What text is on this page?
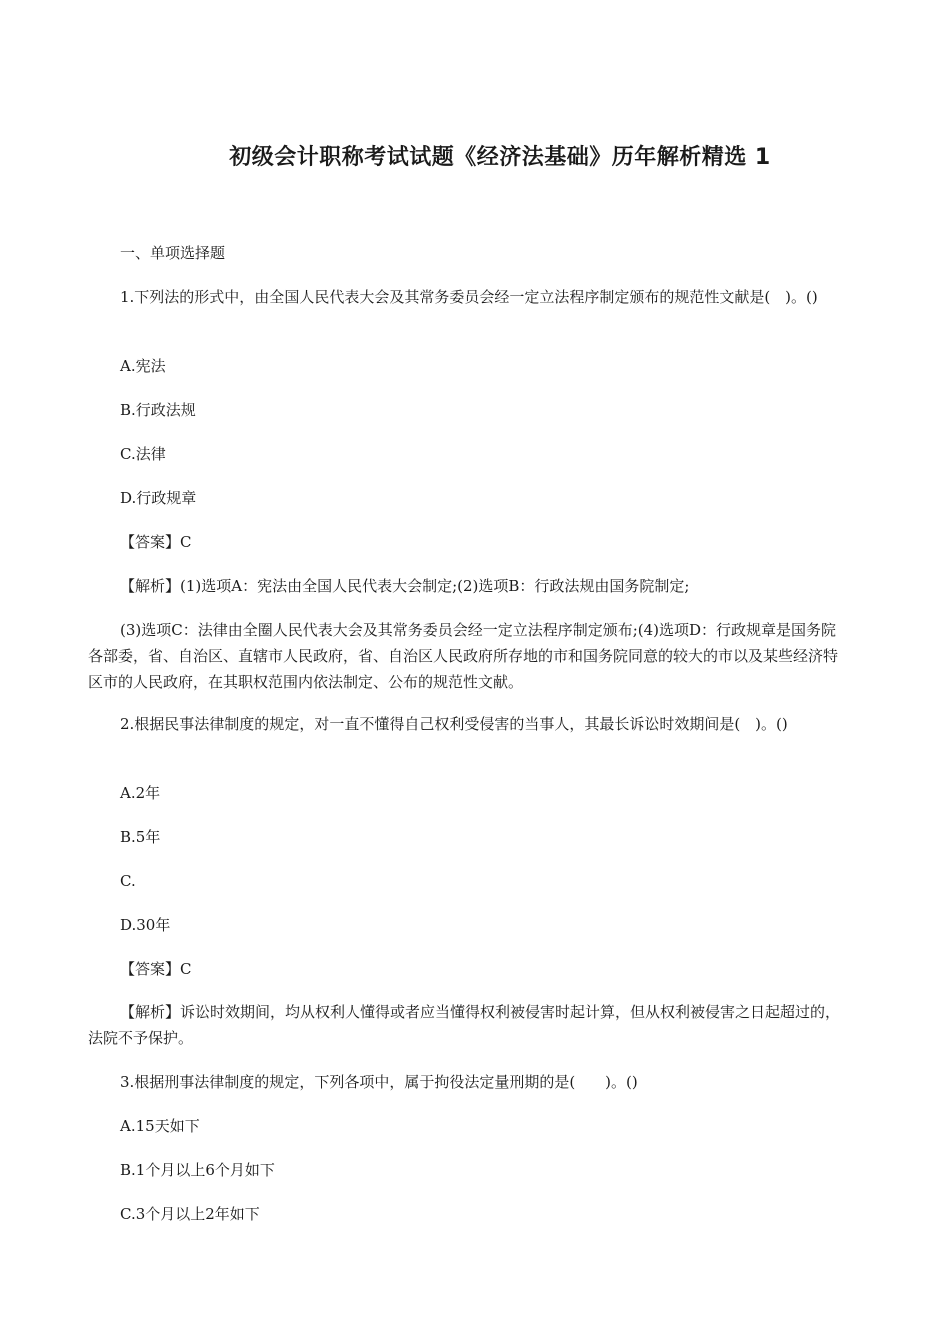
初级会计职称考试试题《经济法基础》历年解析精选 1

一、单项选择题

1.下列法的形式中，由全国人民代表大会及其常务委员会经一定立法程序制定颁布的规范性文献是(　)。()

A.宪法

B.行政法规

C.法律

D.行政规章

【答案】C

【解析】(1)选项A：宪法由全国人民代表大会制定;(2)选项B：行政法规由国务院制定;

(3)选项C：法律由全圈人民代表大会及其常务委员会经一定立法程序制定颁布;(4)选项D：行政规章是国务院各部委，省、自治区、直辖市人民政府，省、自治区人民政府所存地的市和国务院同意的较大的市以及某些经济特区市的人民政府，在其职权范围内依法制定、公布的规范性文献。

2.根据民事法律制度的规定，对一直不懂得自己权利受侵害的当事人，其最长诉讼时效期间是(　)。()

A.2年

B.5年

C.

D.30年

【答案】C

【解析】诉讼时效期间，均从权利人懂得或者应当懂得权利被侵害时起计算，但从权利被侵害之日起超过的，法院不予保护。

3.根据刑事法律制度的规定，下列各项中，属于拘役法定量刑期的是(　　)。()

A.15天如下

B.1个月以上6个月如下

C.3个月以上2年如下
